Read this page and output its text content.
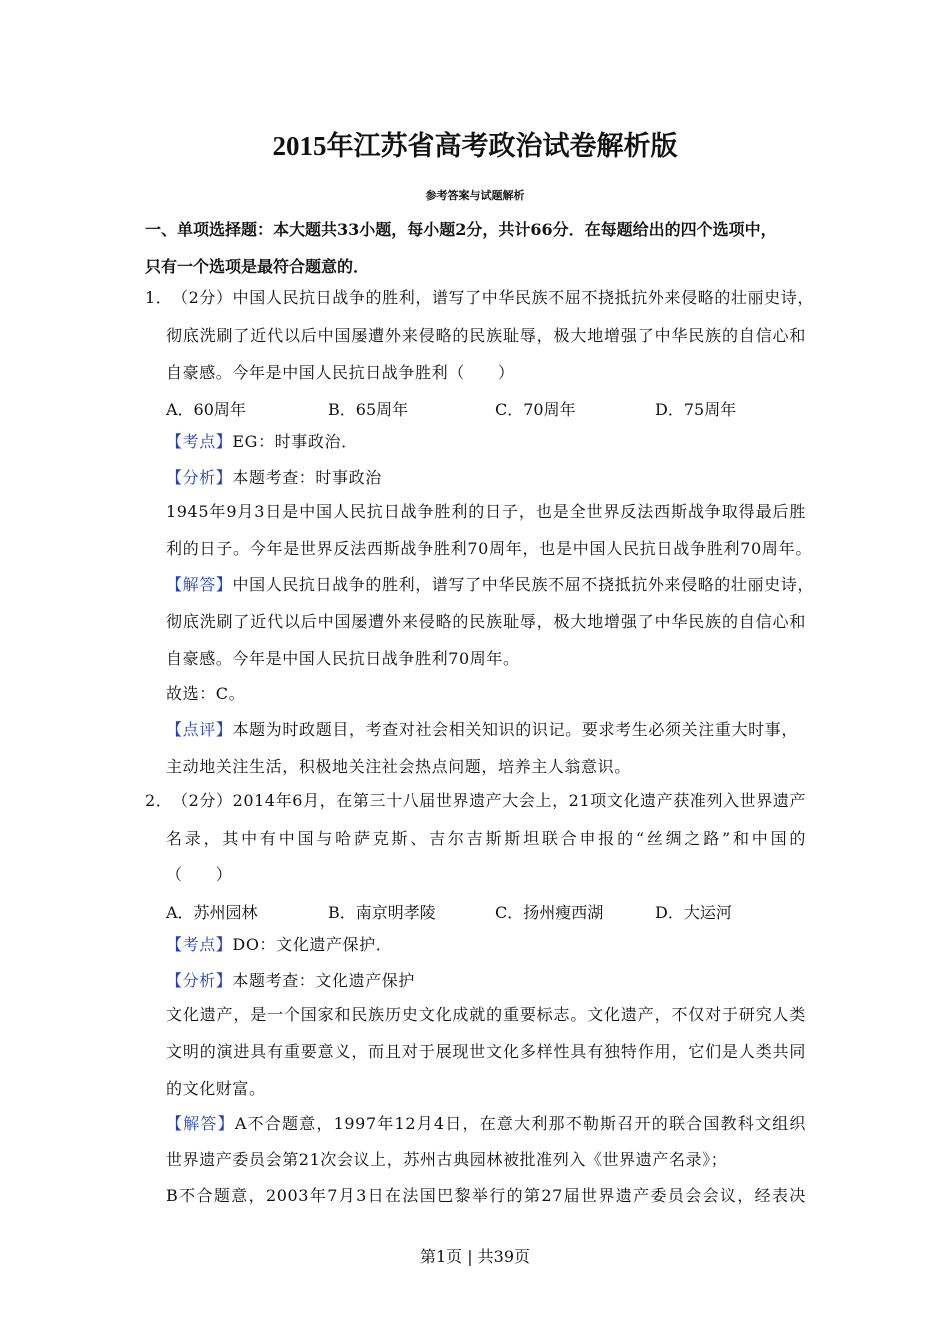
2015年江苏省高考政治试卷解析版
参考答案与试题解析
一、单项选择题：本大题共33小题，每小题2分，共计66分．在每题给出的四个选项中，
只有一个选项是最符合题意的．
1． （2分）中国人民抗日战争的胜利，谱写了中华民族不屈不挠抵抗外来侵略的壮丽史诗，
彻底洗刷了近代以后中国屡遭外来侵略的民族耻辱，极大地增强了中华民族的自信心和
自豪感。今年是中国人民抗日战争胜利（　　）
A．60周年	B．65周年	C．70周年	D．75周年
【考点】EG：时事政治．
【分析】本题考查：时事政治
1945年9月3日是中国人民抗日战争胜利的日子，也是全世界反法西斯战争取得最后胜
利的日子。今年是世界反法西斯战争胜利70周年，也是中国人民抗日战争胜利70周年。
【解答】中国人民抗日战争的胜利，谱写了中华民族不屈不挠抵抗外来侵略的壮丽史诗，
彻底洗刷了近代以后中国屡遭外来侵略的民族耻辱，极大地增强了中华民族的自信心和
自豪感。今年是中国人民抗日战争胜利70周年。
故选：C。
【点评】本题为时政题目，考查对社会相关知识的识记。要求考生必须关注重大时事，
主动地关注生活，积极地关注社会热点问题，培养主人翁意识。
2． （2分）2014年6月，在第三十八届世界遗产大会上，21项文化遗产获准列入世界遗产
名录，其中有中国与哈萨克斯、吉尔吉斯斯坦联合申报的“丝绸之路”和中国的
（　　）
A．苏州园林	B．南京明孝陵	C．扬州瘦西湖	D．大运河
【考点】DO：文化遗产保护．
【分析】本题考查：文化遗产保护
文化遗产，是一个国家和民族历史文化成就的重要标志。文化遗产，不仅对于研究人类
文明的演进具有重要意义，而且对于展现世文化多样性具有独特作用，它们是人类共同
的文化财富。
【解答】A不合题意，1997年12月4日，在意大利那不勒斯召开的联合国教科文组织
世界遗产委员会第21次会议上，苏州古典园林被批准列入《世界遗产名录》；
B不合题意，2003年7月3日在法国巴黎举行的第27届世界遗产委员会会议，经表决
第1页 | 共39页
